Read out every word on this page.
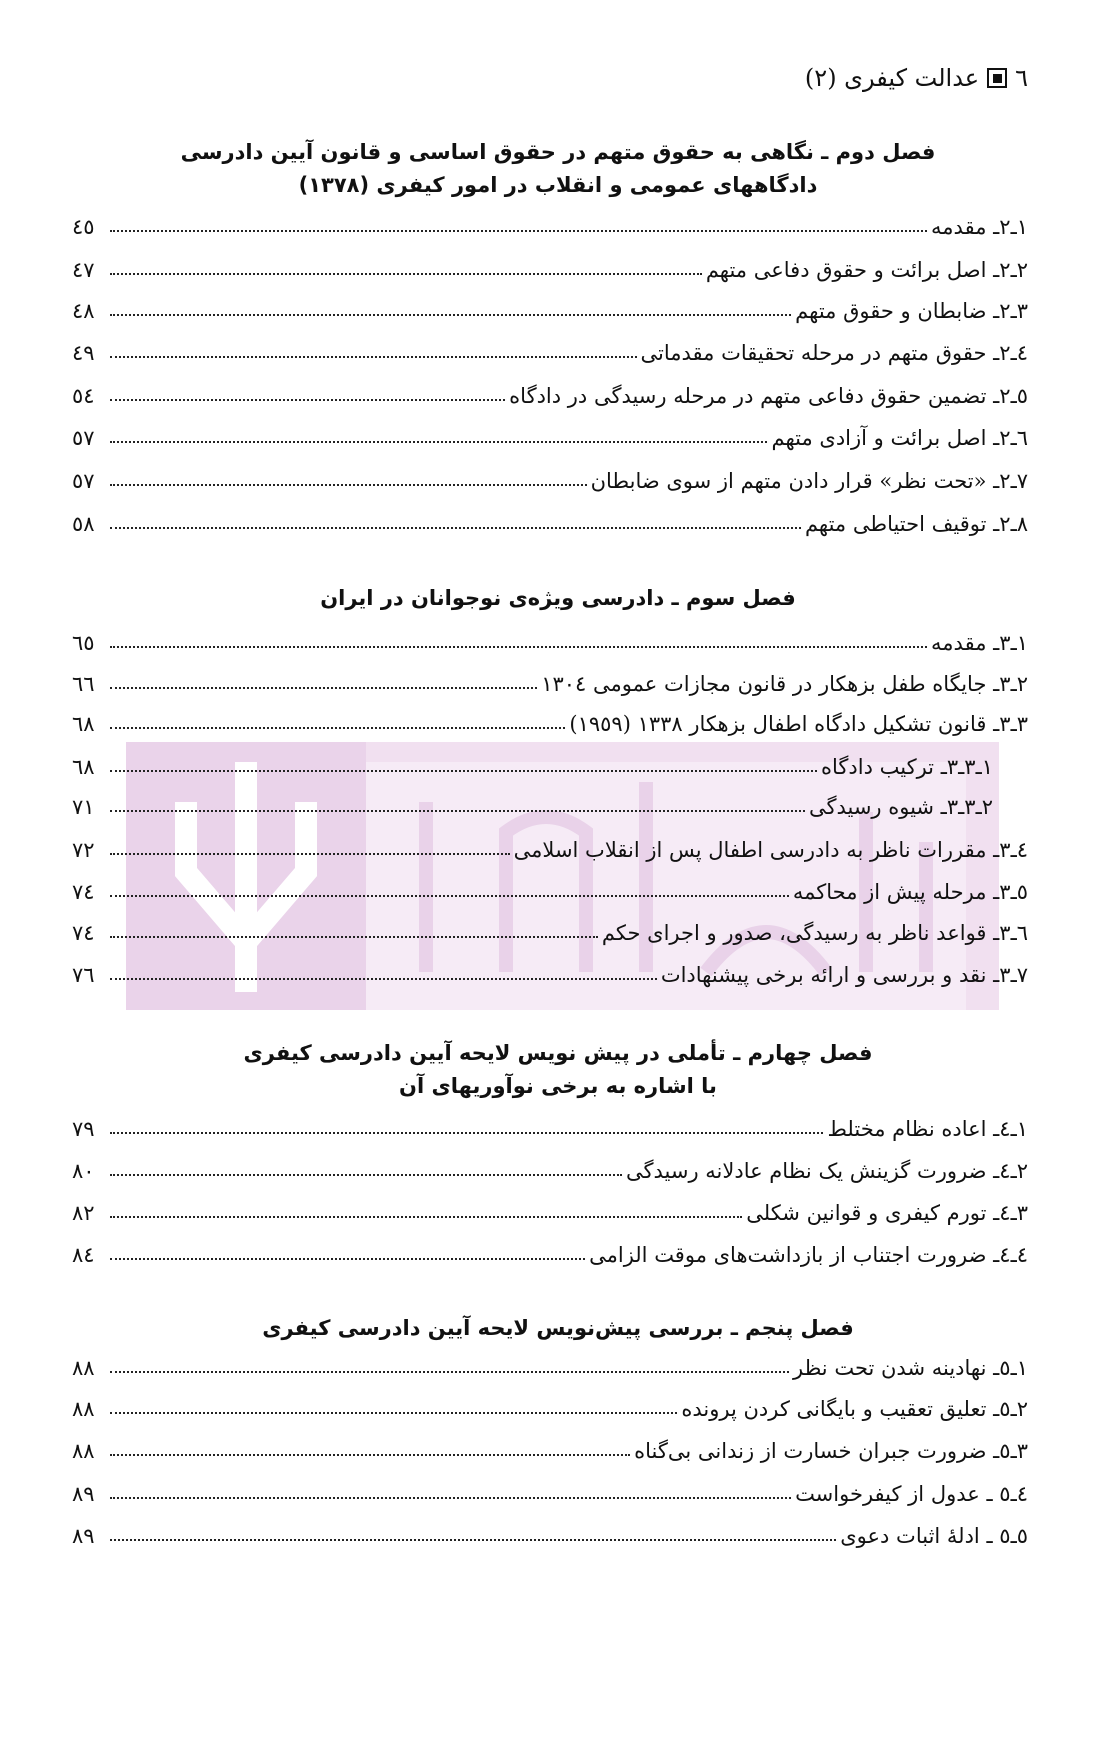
٦
عدالت کیفری (٢)
فصل دوم ـ نگاهی به حقوق متهم در حقوق اساسی و قانون آیین دادرسی
دادگاههای عمومی و انقلاب در امور کیفری (١٣٧٨)
١ـ٢ـ مقدمه
٤٥
٢ـ٢ـ اصل برائت و حقوق دفاعی متهم
٤٧
٣ـ٢ـ ضابطان و حقوق متهم
٤٨
٤ـ٢ـ حقوق متهم در مرحله تحقیقات مقدماتی
٤٩
٥ـ٢ـ تضمین حقوق دفاعی متهم در مرحله رسیدگی در دادگاه
٥٤
٦ـ٢ـ اصل برائت و آزادی متهم
٥٧
٧ـ٢ـ «تحت نظر» قرار دادن متهم از سوی ضابطان
٥٧
٨ـ٢ـ توقیف احتیاطی متهم
٥٨
فصل سوم ـ دادرسی ویژه‌ی نوجوانان در ایران
١ـ٣ـ مقدمه
٦٥
٢ـ٣ـ جایگاه طفل بزهکار در قانون مجازات عمومی ١٣٠٤
٦٦
٣ـ٣ـ قانون تشکیل دادگاه اطفال بزهکار ١٣٣٨ (١٩٥٩)
٦٨
١ـ٣ـ٣ـ ترکیب دادگاه
٦٨
٢ـ٣ـ٣ـ شیوه رسیدگی
٧١
٤ـ٣ـ مقررات ناظر به دادرسی اطفال پس از انقلاب اسلامی
٧٢
٥ـ٣ـ مرحله پیش از محاکمه
٧٤
٦ـ٣ـ قواعد ناظر به رسیدگی، صدور و اجرای حکم
٧٤
٧ـ٣ـ نقد و بررسی و ارائه برخی پیشنهادات
٧٦
فصل چهارم ـ تأملی در پیش نویس لایحه آیین دادرسی کیفری
با اشاره به برخی نوآوریهای آن
١ـ٤ـ اعاده نظام مختلط
٧٩
٢ـ٤ـ ضرورت گزینش یک نظام عادلانه رسیدگی
٨٠
٣ـ٤ـ تورم کیفری و قوانین شکلی
٨٢
٤ـ٤ـ ضرورت اجتناب از بازداشت‌های موقت الزامی
٨٤
فصل پنجم ـ بررسی پیش‌نویس لایحه آیین دادرسی کیفری
١ـ٥ـ نهادینه شدن تحت نظر
٨٨
٢ـ٥ـ تعلیق تعقیب و بایگانی کردن پرونده
٨٨
٣ـ٥ـ ضرورت جبران خسارت از زندانی بی‌گناه
٨٨
٤ـ٥ ـ عدول از کیفرخواست
٨٩
٥ـ٥ ـ ادلهٔ اثبات دعوی
٨٩
